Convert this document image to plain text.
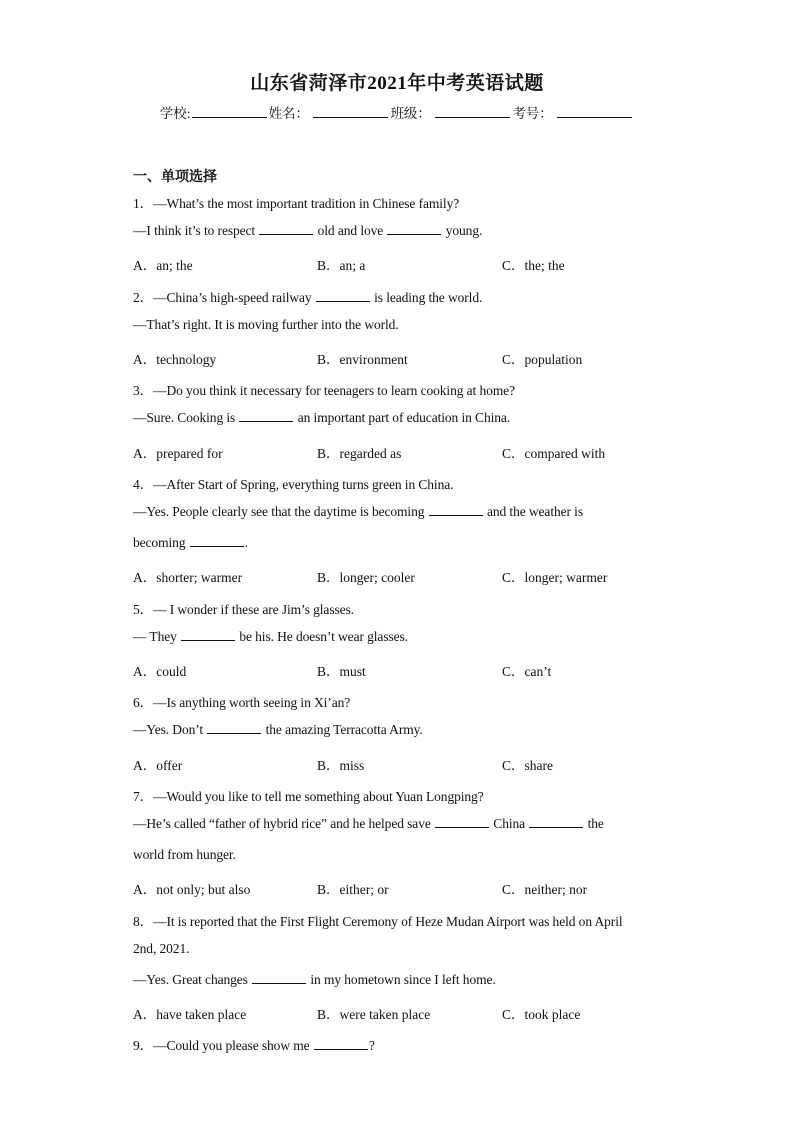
山东省菏泽市2021年中考英语试题
学校:	姓名：	班级：	考号：
一、单项选择
1．—What’s the most important tradition in Chinese family?
—I think it’s to respect	old and love	young.
A．an; the	B．an; a	C．the; the
2．—China’s high-speed railway	is leading the world.
—That’s right. It is moving further into the world.
A．technology	B．environment	C．population
3．—Do you think it necessary for teenagers to learn cooking at home?
—Sure. Cooking is	an important part of education in China.
A．prepared for	B．regarded as	C．compared with
4．—After Start of Spring, everything turns green in China.
—Yes. People clearly see that the daytime is becoming	and the weather is
becoming	.
A．shorter; warmer	B．longer; cooler	C．longer; warmer
5．— I wonder if these are Jim’s glasses.
— They	be his. He doesn’t wear glasses.
A．could	B．must	C．can’t
6．—Is anything worth seeing in Xi’an?
—Yes. Don’t	the amazing Terracotta Army.
A．offer	B．miss	C．share
7．—Would you like to tell me something about Yuan Longping?
—He’s called “father of hybrid rice” and he helped save	China	the
world from hunger.
A．not only; but also	B．either; or	C．neither; nor
8．—It is reported that the First Flight Ceremony of Heze Mudan Airport was held on April
2nd, 2021.
—Yes. Great changes	in my hometown since I left home.
A．have taken place	B．were taken place	C．took place
9．—Could you please show me	?
